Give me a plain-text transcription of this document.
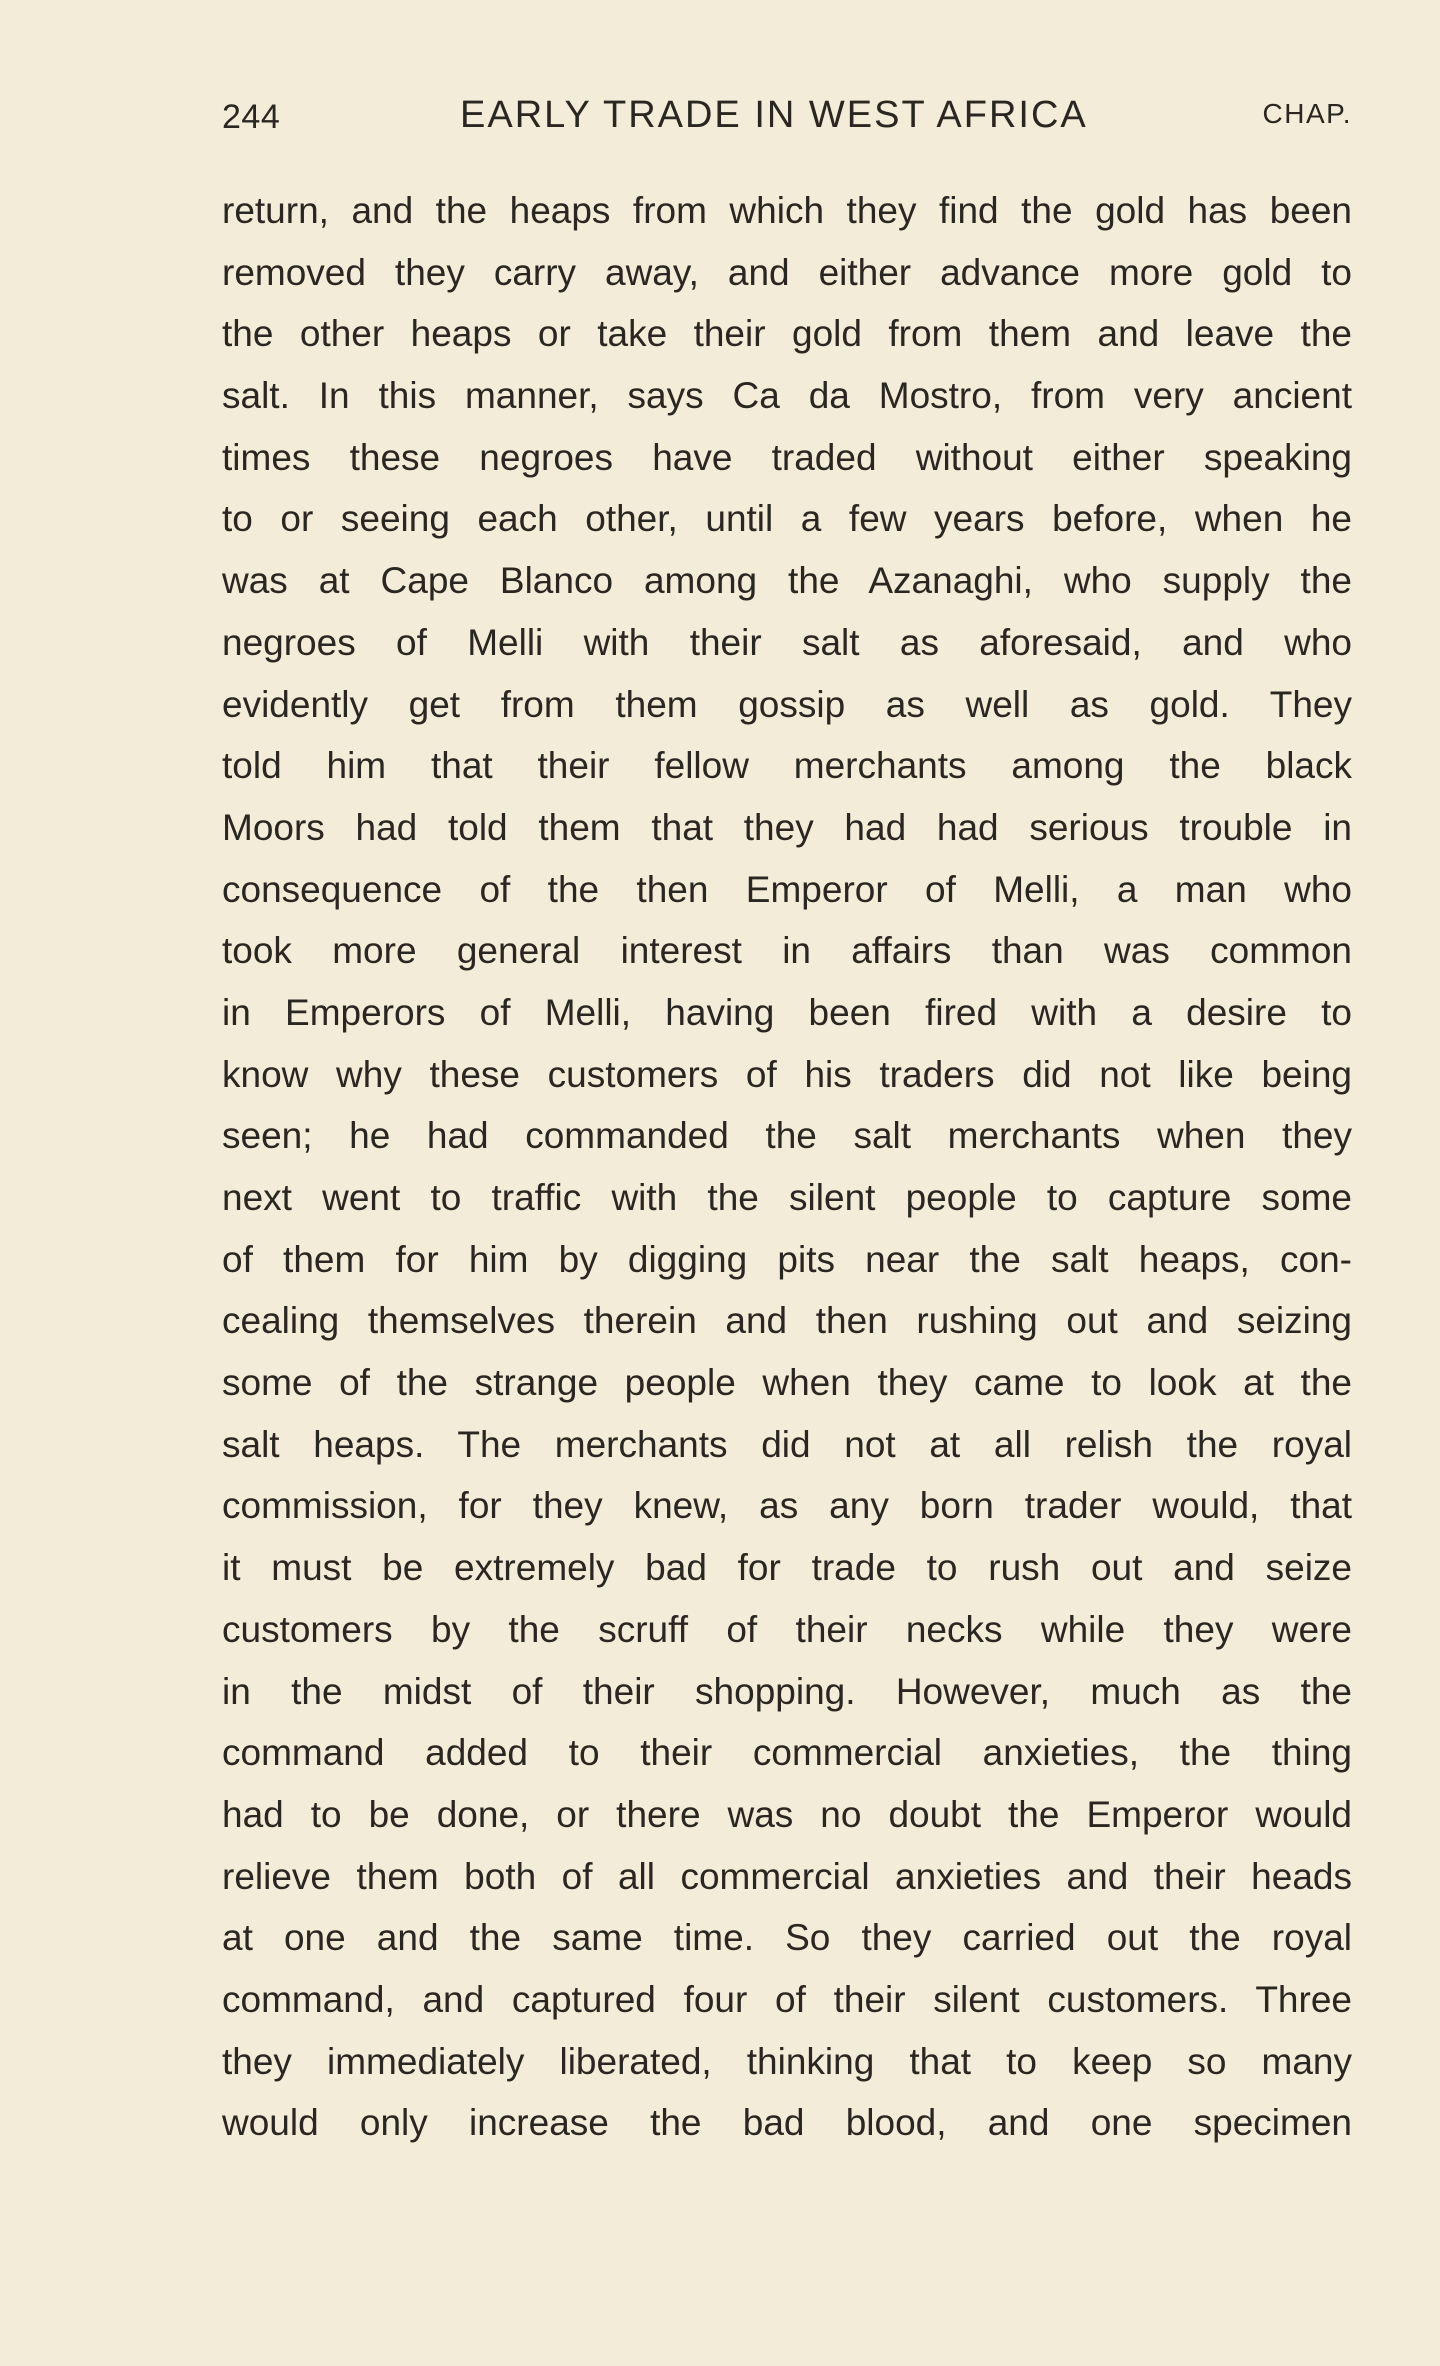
244	EARLY TRADE IN WEST AFRICA	CHAP.
return, and the heaps from which they find the gold has been
removed they carry away, and either advance more gold to
the other heaps or take their gold from them and leave the
salt. In this manner, says Ca da Mostro, from very ancient
times these negroes have traded without either speaking
to or seeing each other, until a few years before, when he
was at Cape Blanco among the Azanaghi, who supply the
negroes of Melli with their salt as aforesaid, and who
evidently get from them gossip as well as gold. They
told him that their fellow merchants among the black
Moors had told them that they had had serious trouble in
consequence of the then Emperor of Melli, a man who
took more general interest in affairs than was common
in Emperors of Melli, having been fired with a desire to
know why these customers of his traders did not like being
seen; he had commanded the salt merchants when they
next went to traffic with the silent people to capture some
of them for him by digging pits near the salt heaps, con-
cealing themselves therein and then rushing out and seizing
some of the strange people when they came to look at the
salt heaps. The merchants did not at all relish the royal
commission, for they knew, as any born trader would, that
it must be extremely bad for trade to rush out and seize
customers by the scruff of their necks while they were
in the midst of their shopping. However, much as the
command added to their commercial anxieties, the thing
had to be done, or there was no doubt the Emperor would
relieve them both of all commercial anxieties and their heads
at one and the same time. So they carried out the royal
command, and captured four of their silent customers. Three
they immediately liberated, thinking that to keep so many
would only increase the bad blood, and one specimen
